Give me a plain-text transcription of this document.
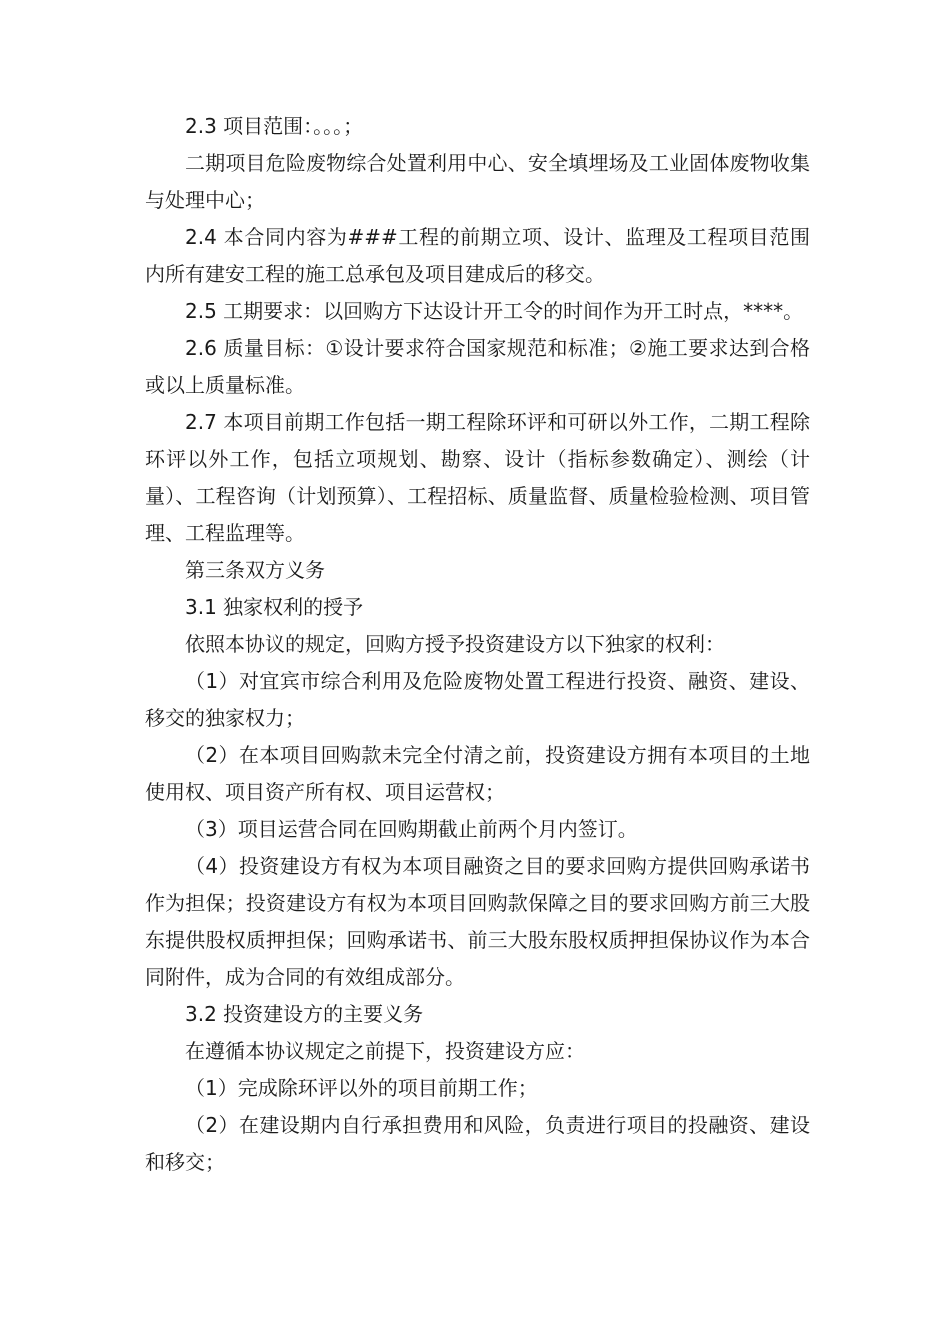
2.3 项目范围：。。。；

二期项目危险废物综合处置利用中心、安全填埋场及工业固体废物收集与处理中心；

2.4 本合同内容为###工程的前期立项、设计、监理及工程项目范围内所有建安工程的施工总承包及项目建成后的移交。

2.5 工期要求：以回购方下达设计开工令的时间作为开工时点，****。

2.6 质量目标：①设计要求符合国家规范和标准；②施工要求达到合格或以上质量标准。

2.7 本项目前期工作包括一期工程除环评和可研以外工作，二期工程除环评以外工作，包括立项规划、勘察、设计（指标参数确定）、测绘（计量）、工程咨询（计划预算）、工程招标、质量监督、质量检验检测、项目管理、工程监理等。

第三条双方义务

3.1 独家权利的授予

依照本协议的规定，回购方授予投资建设方以下独家的权利：

（1）对宜宾市综合利用及危险废物处置工程进行投资、融资、建设、移交的独家权力；

（2）在本项目回购款未完全付清之前，投资建设方拥有本项目的土地使用权、项目资产所有权、项目运营权；

（3）项目运营合同在回购期截止前两个月内签订。

（4）投资建设方有权为本项目融资之目的要求回购方提供回购承诺书作为担保；投资建设方有权为本项目回购款保障之目的要求回购方前三大股东提供股权质押担保；回购承诺书、前三大股东股权质押担保协议作为本合同附件，成为合同的有效组成部分。

3.2 投资建设方的主要义务

在遵循本协议规定之前提下，投资建设方应：

（1）完成除环评以外的项目前期工作；

（2）在建设期内自行承担费用和风险，负责进行项目的投融资、建设和移交；
